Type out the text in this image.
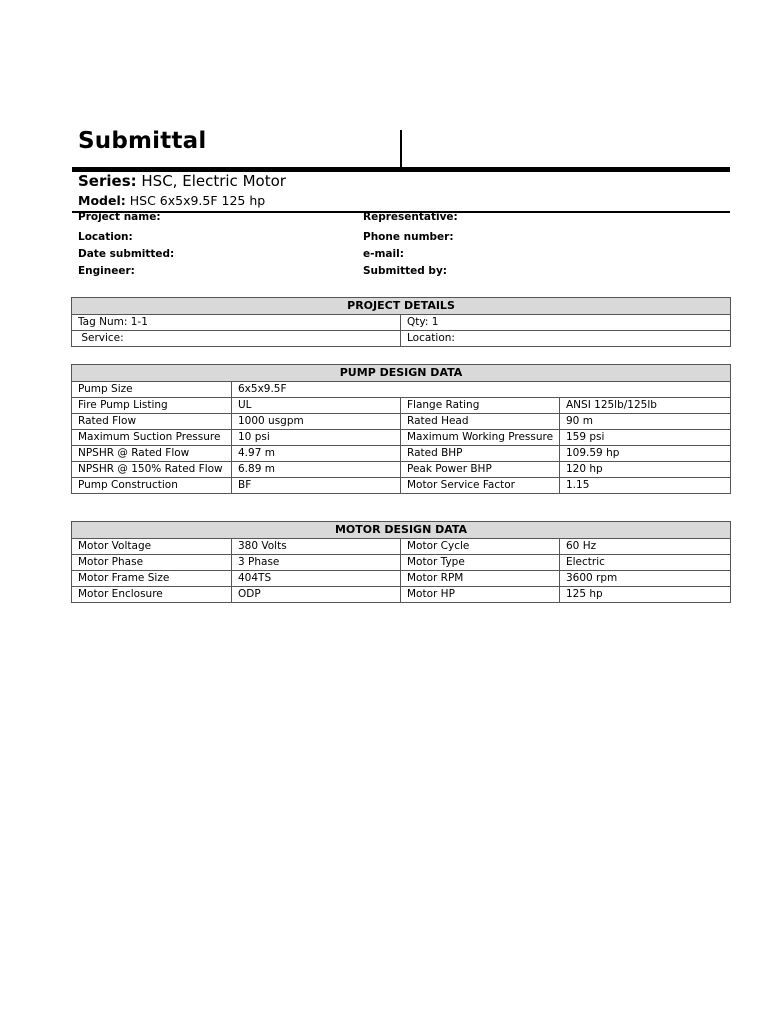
Submittal
Series: HSC, Electric Motor
Model: HSC 6x5x9.5F 125 hp
Project name:	Representative:
Location:	Phone number:
Date submitted:	e-mail:
Engineer:	Submitted by:
PROJECT DETAILS	
Tag Num: 1-1	Qty: 1
Service:	Location:
PUMP DESIGN DATA			
Pump Size	6x5x9.5F		
Fire Pump Listing	UL	Flange Rating	ANSI 125lb/125lb
Rated Flow	1000 usgpm	Rated Head	90 m
Maximum Suction Pressure	10 psi	Maximum Working Pressure	159 psi
NPSHR @ Rated Flow	4.97 m	Rated BHP	109.59 hp
NPSHR @ 150% Rated Flow	6.89 m	Peak Power BHP	120 hp
Pump Construction	BF	Motor Service Factor	1.15
MOTOR DESIGN DATA			
Motor Voltage	380 Volts	Motor Cycle	60 Hz
Motor Phase	3 Phase	Motor Type	Electric
Motor Frame Size	404TS	Motor RPM	3600 rpm
Motor Enclosure	ODP	Motor HP	125 hp
